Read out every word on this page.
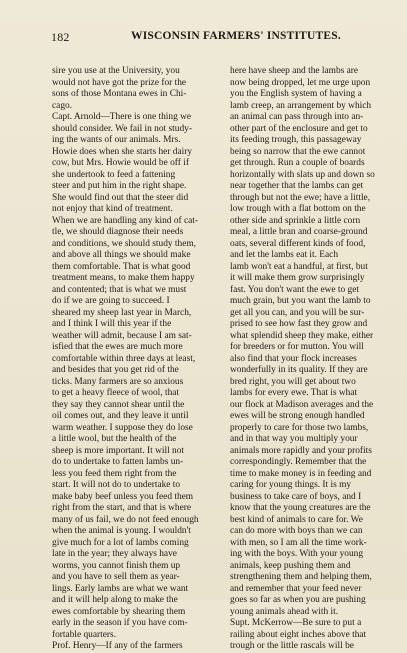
182	WISCONSIN FARMERS' INSTITUTES.
sire you use at the University, you
would not have got the prize for the
sons of those Montana ewes in Chi-
cago.
Capt. Arnold—There is one thing we
should consider. We fail in not study-
ing the wants of our animals. Mrs.
Howie does when she starts her dairy
cow, but Mrs. Howie would be off if
she undertook to feed a fattening
steer and put him in the right shape.
She would find out that the steer did
not enjoy that kind of treatment.
When we are handling any kind of cat-
tle, we should diagnose their needs
and conditions, we should study them,
and above all things we should make
them comfortable. That is what good
treatment means, to make them happy
and contented; that is what we must
do if we are going to succeed. I
sheared my sheep last year in March,
and I think I will this year if the
weather will admit, because I am sat-
isfied that the ewes are much more
comfortable within three days at least,
and besides that you get rid of the
ticks. Many farmers are so anxious
to get a heavy fleece of wool, that
they say they cannot shear until the
oil comes out, and they leave it until
warm weather. I suppose they do lose
a little wool, but the health of the
sheep is more important. It will not
do to undertake to fatten lambs un-
less you feed them right from the
start. It will not do to undertake to
make baby beef unless you feed them
right from the start, and that is where
many of us fail, we do not feed enough
when the animal is young. I wouldn't
give much for a lot of lambs coming
late in the year; they always have
worms, you cannot finish them up
and you have to sell them as year-
lings. Early lambs are what we want
and it will help along to make the
ewes comfortable by shearing them
early in the season if you have com-
fortable quarters.
Prof. Henry—If any of the farmers
here have sheep and the lambs are
now being dropped, let me urge upon
you the English system of having a
lamb creep, an arrangement by which
an animal can pass through into an-
other part of the enclosure and get to
its feeding trough, this passageway
being so narrow that the ewe cannot
get through. Run a couple of boards
horizontally with slats up and down so
near together that the lambs can get
through but not the ewe; have a little,
low trough with a flat bottom on the
other side and sprinkle a little corn
meal, a little bran and coarse-ground
oats, several different kinds of food,
and let the lambs eat it. Each
lamb won't eat a handful, at first, but
it will make them grow surprisingly
fast. You don't want the ewe to get
much grain, but you want the lamb to
get all you can, and you will be sur-
prised to see how fast they grow and
what splendid sheep they make, either
for breeders or for mutton. You will
also find that your flock increases
wonderfully in its quality. If they are
bred right, you will get about two
lambs for every ewe. That is what
our flock at Madison averages and the
ewes will be strong enough handled
properly to care for those two lambs,
and in that way you multiply your
animals more rapidly and your profits
correspondingly. Remember that the
time to make money is in feeding and
caring for young things. It is my
business to take care of boys, and I
know that the young creatures are the
best kind of animals to care for. We
can do more with boys than we can
with men, so I am all the time work-
ing with the boys. With your young
animals, keep pushing them and
strengthening them and helping them,
and remember that your feed never
goes so far as when you are pushing
young animals ahead with it.
Supt. McKerrow—Be sure to put a
railing about eight inches above that
trough or the little rascals will be
